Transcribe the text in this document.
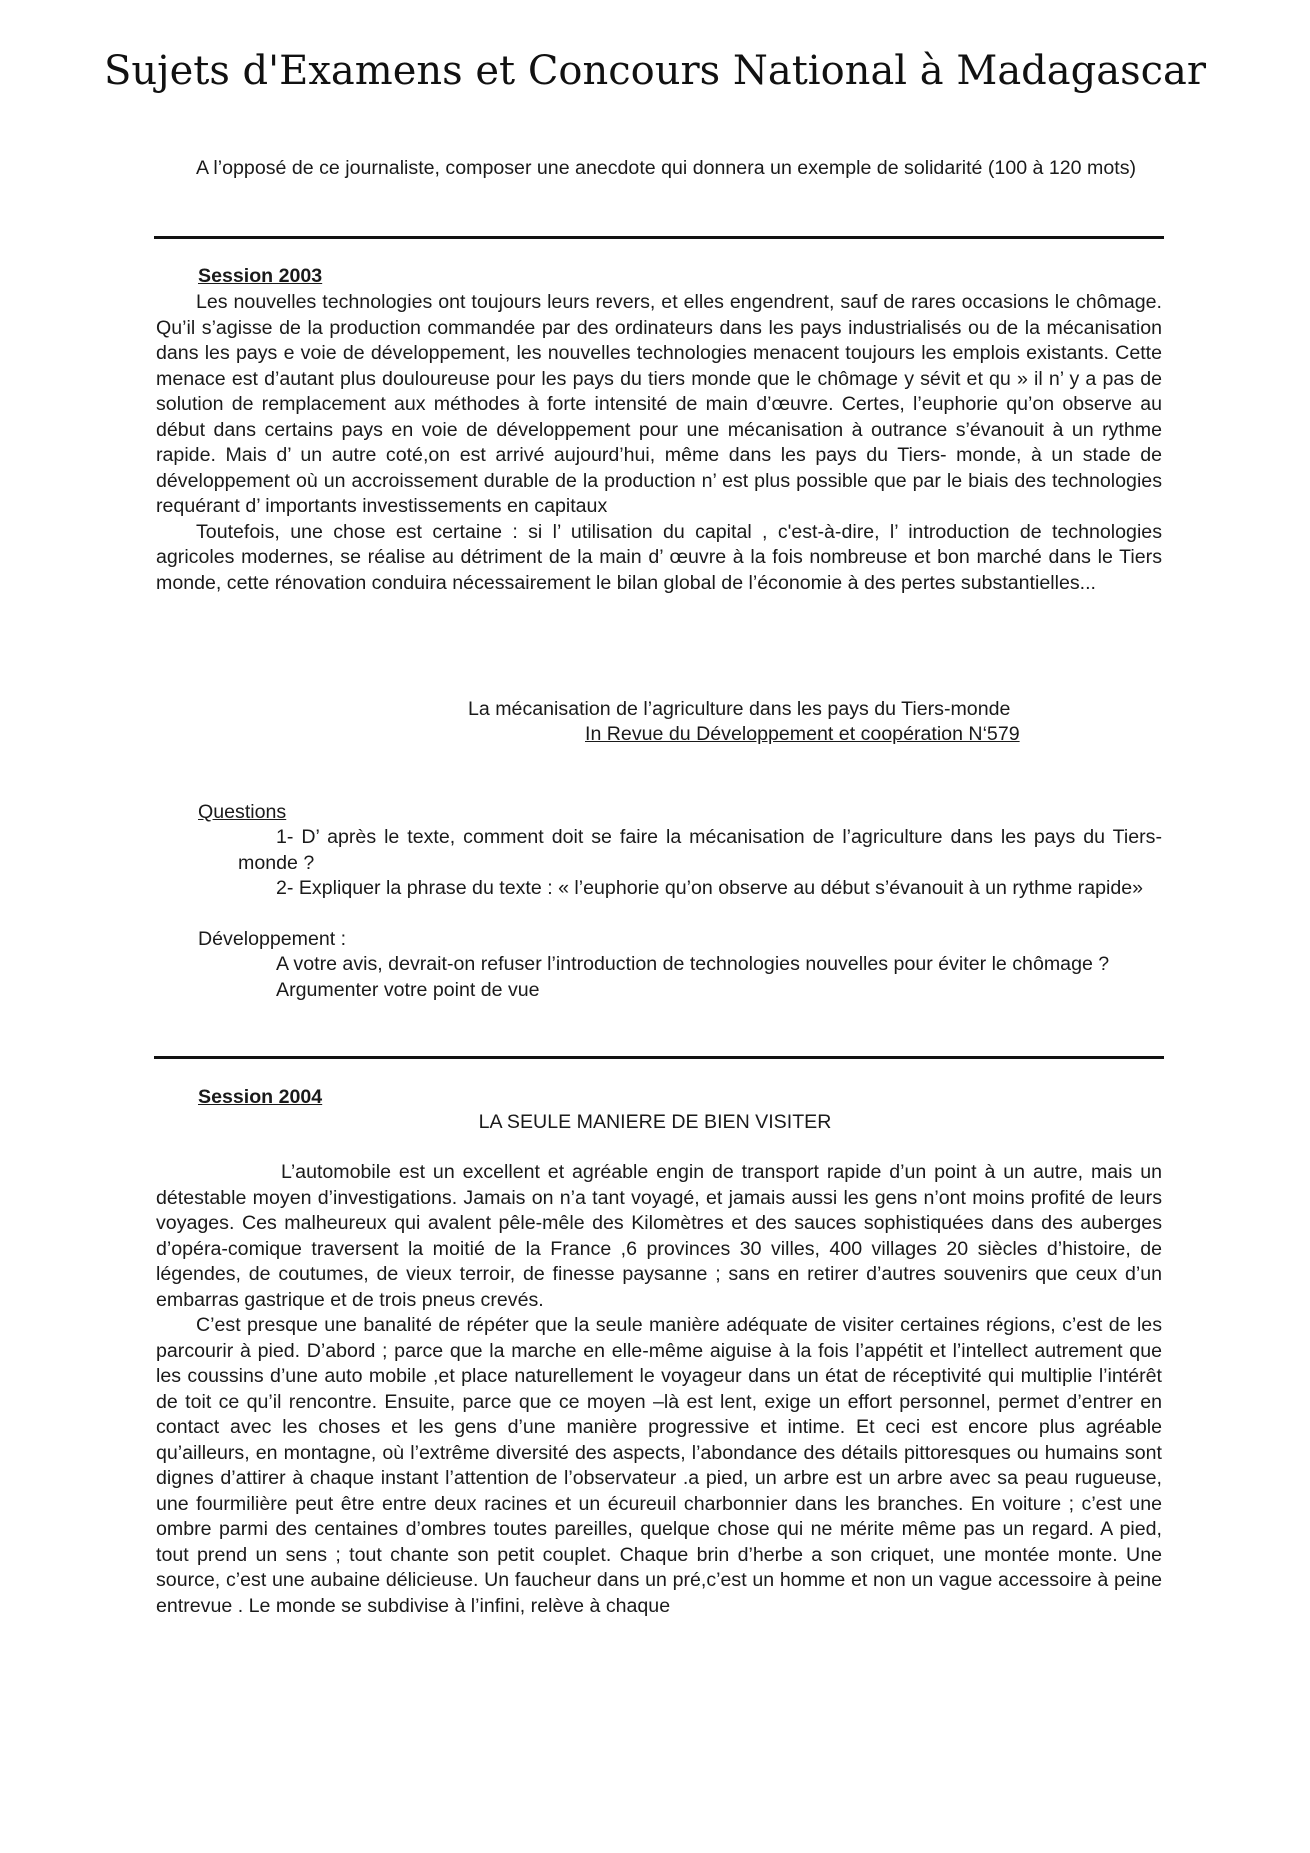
Sujets d'Examens et Concours National à Madagascar

A l’opposé de ce journaliste, composer une anecdote qui donnera un exemple de solidarité (100 à 120 mots)

Session 2003

Les nouvelles technologies ont toujours leurs revers, et elles engendrent, sauf de rares occasions le chômage. Qu’il s’agisse de la production commandée par des ordinateurs dans les pays industrialisés ou de la mécanisation dans les pays e voie de développement, les nouvelles technologies menacent toujours les emplois existants. Cette menace est d’autant plus douloureuse pour les pays du tiers monde que le chômage y sévit et qu » il n’ y a pas de solution de remplacement aux méthodes à forte intensité de main d’œuvre. Certes, l’euphorie qu’on observe au début dans certains pays en voie de développement pour une mécanisation à outrance s’évanouit à un rythme rapide. Mais d’ un autre coté,on est arrivé aujourd’hui, même dans les pays du Tiers- monde, à un stade de développement où un accroissement durable de la production n’ est plus possible que par le biais des technologies requérant d’ importants investissements en capitaux

Toutefois, une chose est certaine : si l’ utilisation du capital , c'est-à-dire, l’ introduction de technologies agricoles modernes, se réalise au détriment de la main d’ œuvre à la fois nombreuse et bon marché dans le Tiers monde, cette rénovation conduira nécessairement le bilan global de l’économie à des pertes substantielles...

La mécanisation de l’agriculture dans les pays du Tiers-monde
In Revue du Développement et coopération N‘579
Questions

1- D’ après le texte, comment doit se faire la mécanisation de l’agriculture dans les pays du Tiers-monde ?

2- Expliquer la phrase du texte : « l’euphorie qu’on observe au début s’évanouit à un rythme rapide»

Développement :

A votre avis, devrait-on refuser l’introduction de technologies nouvelles pour éviter le chômage ?

Argumenter votre point de vue

Session 2004
LA SEULE MANIERE DE BIEN VISITER

L’automobile est un excellent et agréable engin de transport rapide d’un point à un autre, mais un détestable moyen d’investigations. Jamais on n’a tant voyagé, et jamais aussi les gens n’ont moins profité de leurs voyages. Ces malheureux qui avalent pêle-mêle des Kilomètres et des sauces sophistiquées dans des auberges d’opéra-comique traversent la moitié de la France ,6 provinces 30 villes, 400 villages 20 siècles d’histoire, de légendes, de coutumes, de vieux terroir, de finesse paysanne ; sans en retirer d’autres souvenirs que ceux d’un embarras gastrique et de trois pneus crevés.

C’est presque une banalité de répéter que la seule manière adéquate de visiter certaines régions, c’est de les parcourir à pied. D’abord ; parce que la marche en elle-même aiguise à la fois l’appétit et l’intellect autrement que les coussins d’une auto mobile ,et place naturellement le voyageur dans un état de réceptivité qui multiplie l’intérêt de toit ce qu’il rencontre. Ensuite, parce que ce moyen –là est lent, exige un effort personnel, permet d’entrer en contact avec les choses et les gens d’une manière progressive et intime. Et ceci est encore plus agréable qu’ailleurs, en montagne, où l’extrême diversité des aspects, l’abondance des détails pittoresques ou humains sont dignes d’attirer à chaque instant l’attention de l’observateur .a pied, un arbre est un arbre avec sa peau rugueuse, une fourmilière peut être entre deux racines et un écureuil charbonnier dans les branches. En voiture ; c’est une ombre parmi des centaines d’ombres toutes pareilles, quelque chose qui ne mérite même pas un regard. A pied, tout prend un sens ; tout chante son petit couplet. Chaque brin d’herbe a son criquet, une montée monte. Une source, c’est une aubaine délicieuse. Un faucheur dans un pré,c’est un homme et non un vague accessoire à peine entrevue . Le monde se subdivise à l’infini, relève à chaque
